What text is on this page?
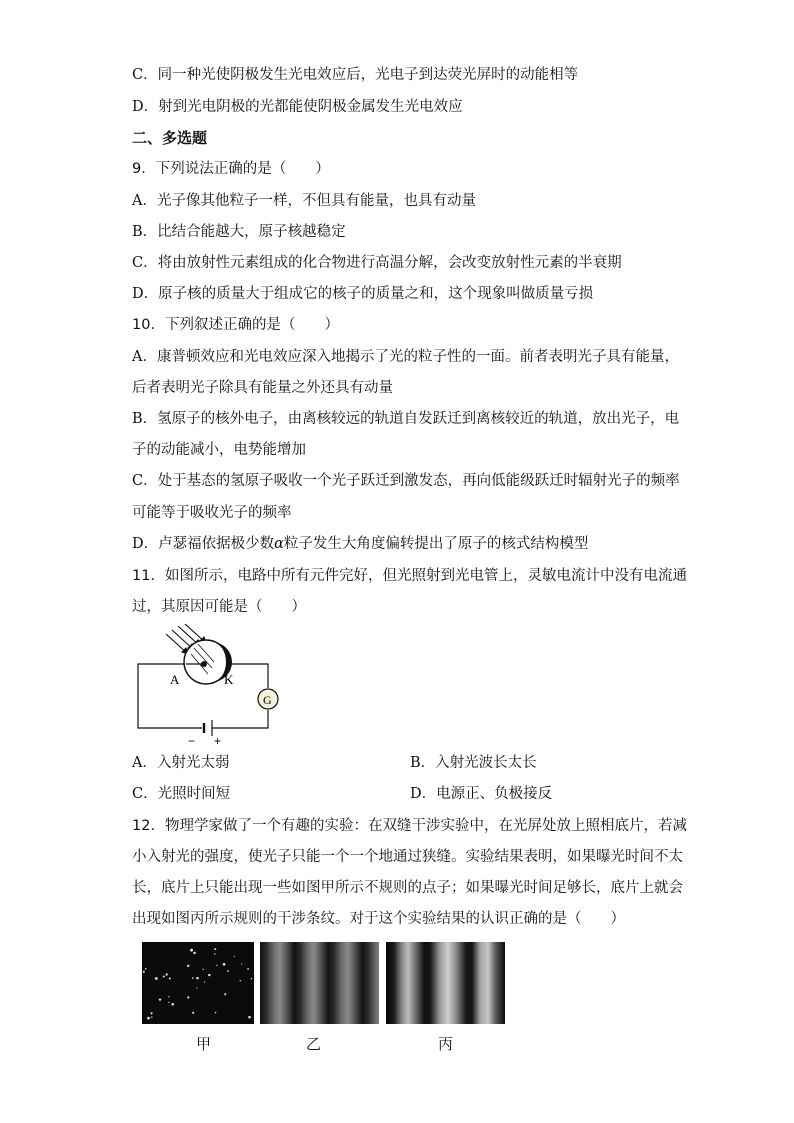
C．同一种光使阴极发生光电效应后，光电子到达荧光屏时的动能相等
D．射到光电阴极的光都能使阴极金属发生光电效应
二、多选题
9．下列说法正确的是（　　）
A．光子像其他粒子一样，不但具有能量，也具有动量
B．比结合能越大，原子核越稳定
C．将由放射性元素组成的化合物进行高温分解，会改变放射性元素的半衰期
D．原子核的质量大于组成它的核子的质量之和，这个现象叫做质量亏损
10．下列叙述正确的是（　　）
A．康普顿效应和光电效应深入地揭示了光的粒子性的一面。前者表明光子具有能量，
后者表明光子除具有能量之外还具有动量
B．氢原子的核外电子，由离核较远的轨道自发跃迁到离核较近的轨道，放出光子，电
子的动能减小，电势能增加
C．处于基态的氢原子吸收一个光子跃迁到激发态，再向低能级跃迁时辐射光子的频率
可能等于吸收光子的频率
D．卢瑟福依据极少数α粒子发生大角度偏转提出了原子的核式结构模型
11．如图所示，电路中所有元件完好，但光照射到光电管上，灵敏电流计中没有电流通
过，其原因可能是（　　）
A	K
G
− +
A．入射光太弱	B．入射光波长太长
C．光照时间短	D．电源正、负极接反
12．物理学家做了一个有趣的实验：在双缝干涉实验中，在光屏处放上照相底片，若减
小入射光的强度，使光子只能一个一个地通过狭缝。实验结果表明，如果曝光时间不太
长，底片上只能出现一些如图甲所示不规则的点子；如果曝光时间足够长，底片上就会
出现如图丙所示规则的干涉条纹。对于这个实验结果的认识正确的是（　　）
甲	乙	丙
